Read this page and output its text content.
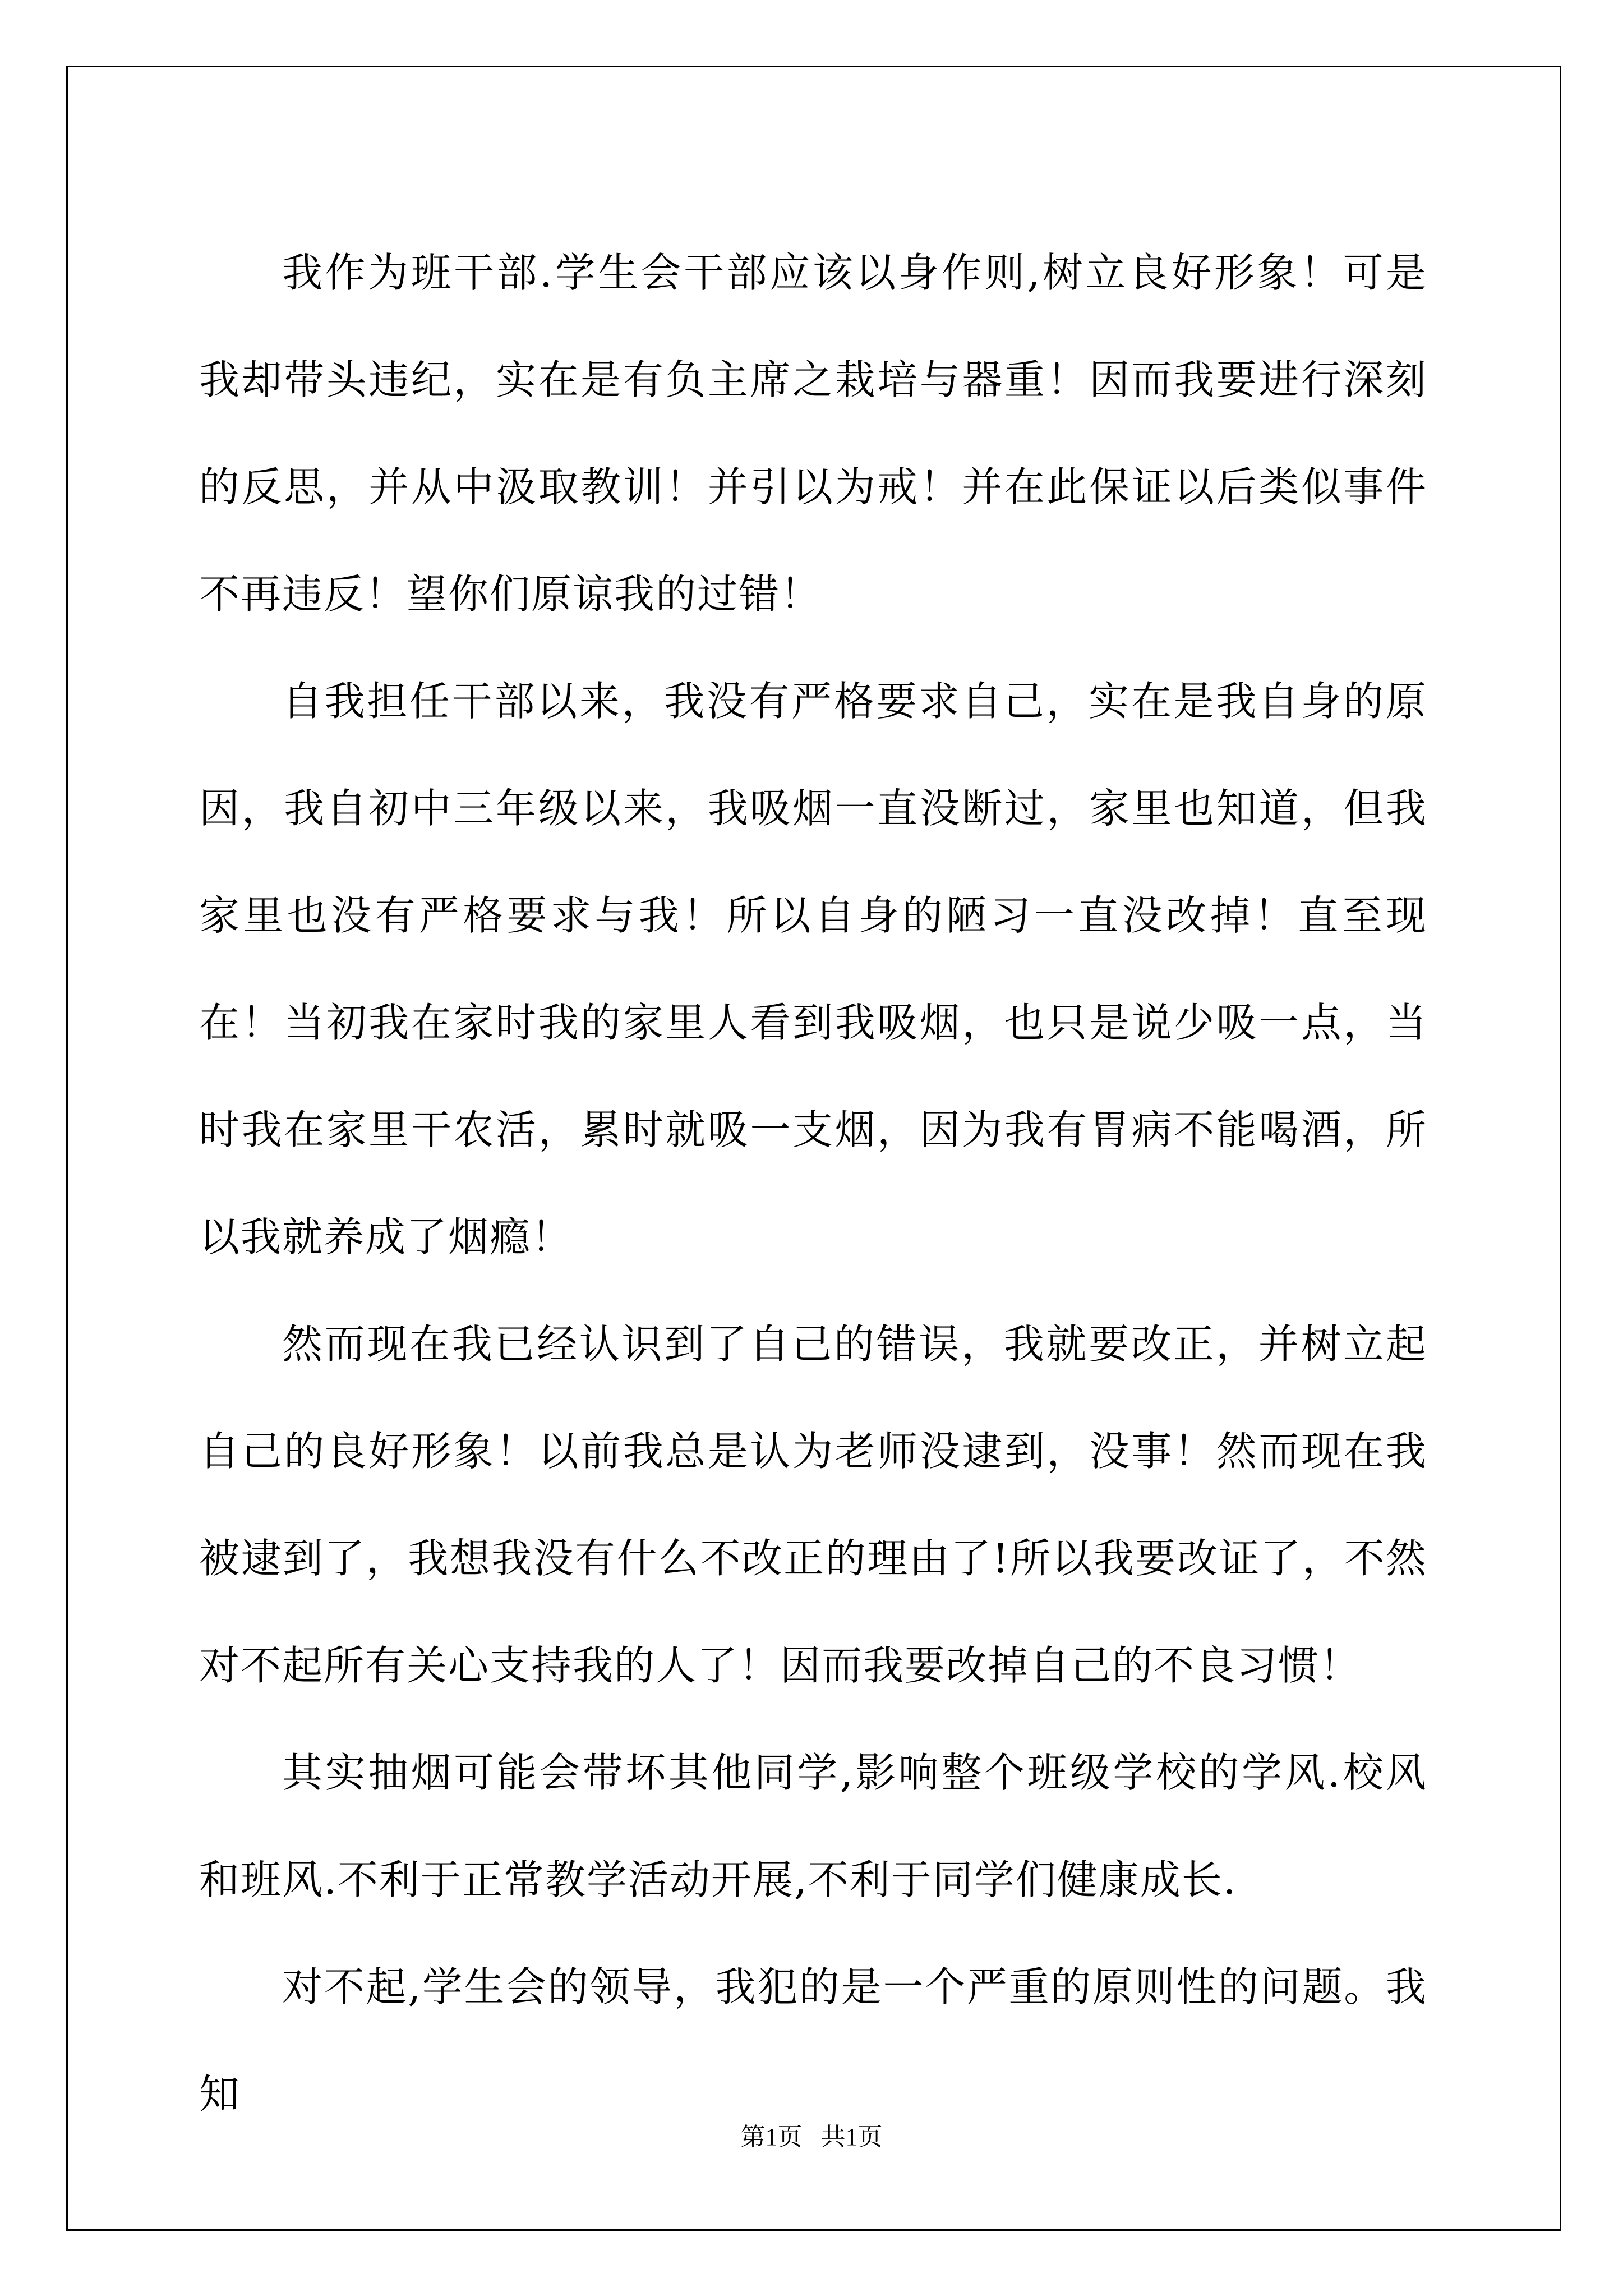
我作为班干部.学生会干部应该以身作则,树立良好形象！可是我却带头违纪，实在是有负主席之栽培与器重！因而我要进行深刻的反思，并从中汲取教训！并引以为戒！并在此保证以后类似事件不再违反！望你们原谅我的过错！

自我担任干部以来，我没有严格要求自己，实在是我自身的原因，我自初中三年级以来，我吸烟一直没断过，家里也知道，但我家里也没有严格要求与我！所以自身的陋习一直没改掉！直至现在！当初我在家时我的家里人看到我吸烟，也只是说少吸一点，当时我在家里干农活，累时就吸一支烟，因为我有胃病不能喝酒，所以我就养成了烟瘾！

然而现在我已经认识到了自己的错误，我就要改正，并树立起自己的良好形象！以前我总是认为老师没逮到，没事！然而现在我被逮到了，我想我没有什么不改正的理由了!所以我要改证了，不然对不起所有关心支持我的人了！因而我要改掉自己的不良习惯！

其实抽烟可能会带坏其他同学,影响整个班级学校的学风.校风和班风.不利于正常教学活动开展,不利于同学们健康成长.

对不起,学生会的领导，我犯的是一个严重的原则性的问题。我知

第1页 共1页
